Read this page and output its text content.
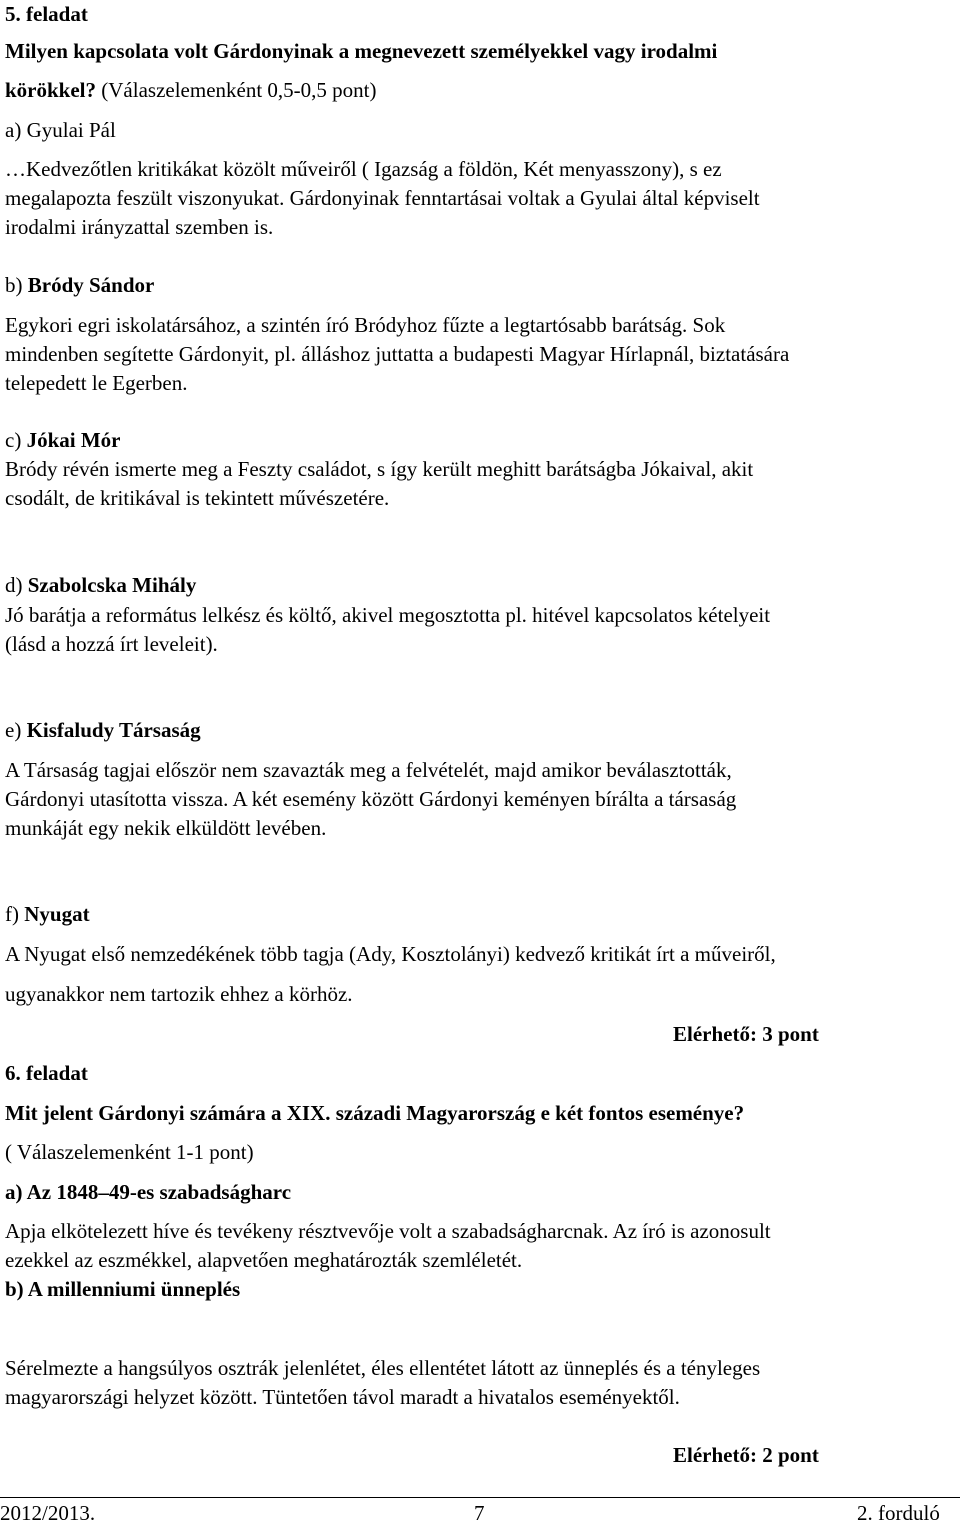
5. feladat
Milyen kapcsolata volt Gárdonyinak a megnevezett személyekkel vagy irodalmi
körökkel? (Válaszelemenként 0,5-0,5 pont)
a) Gyulai Pál
…Kedvezőtlen kritikákat közölt műveiről ( Igazság a földön, Két menyasszony), s ez
megalapozta feszült viszonyukat. Gárdonyinak fenntartásai voltak a Gyulai által képviselt
irodalmi irányzattal szemben is.
b) Bródy Sándor
Egykori egri iskolatársához, a szintén író Bródyhoz fűzte a legtartósabb barátság. Sok
mindenben segítette Gárdonyit, pl. álláshoz juttatta a budapesti Magyar Hírlapnál, biztatására
telepedett le Egerben.
c) Jókai Mór
Bródy révén ismerte meg a Feszty családot, s így került meghitt barátságba Jókaival, akit
csodált, de kritikával is tekintett művészetére.
d) Szabolcska Mihály
Jó barátja a református lelkész és költő, akivel megosztotta pl. hitével kapcsolatos kételyeit
(lásd a hozzá írt leveleit).
e) Kisfaludy Társaság
A Társaság tagjai először nem szavazták meg a felvételét, majd amikor beválasztották,
Gárdonyi utasította vissza. A két esemény között Gárdonyi keményen bírálta a társaság
munkáját egy nekik elküldött levében.
f) Nyugat
A Nyugat első nemzedékének több tagja (Ady, Kosztolányi) kedvező kritikát írt a műveiről,
ugyanakkor nem tartozik ehhez a körhöz.
Elérhető: 3 pont
6. feladat
Mit jelent Gárdonyi számára a XIX. századi Magyarország e két fontos eseménye?
( Válaszelemenként 1-1 pont)
a) Az 1848–49-es szabadságharc
Apja elkötelezett híve és tevékeny résztvevője volt a szabadságharcnak. Az író is azonosult
ezekkel az eszmékkel, alapvetően meghatározták szemléletét.
b) A millenniumi ünneplés
Sérelmezte a hangsúlyos osztrák jelenlétet, éles ellentétet látott az ünneplés és a tényleges
magyarországi helyzet között. Tüntetően távol maradt a hivatalos eseményektől.
Elérhető: 2 pont
2012/2013.	7	2. forduló
